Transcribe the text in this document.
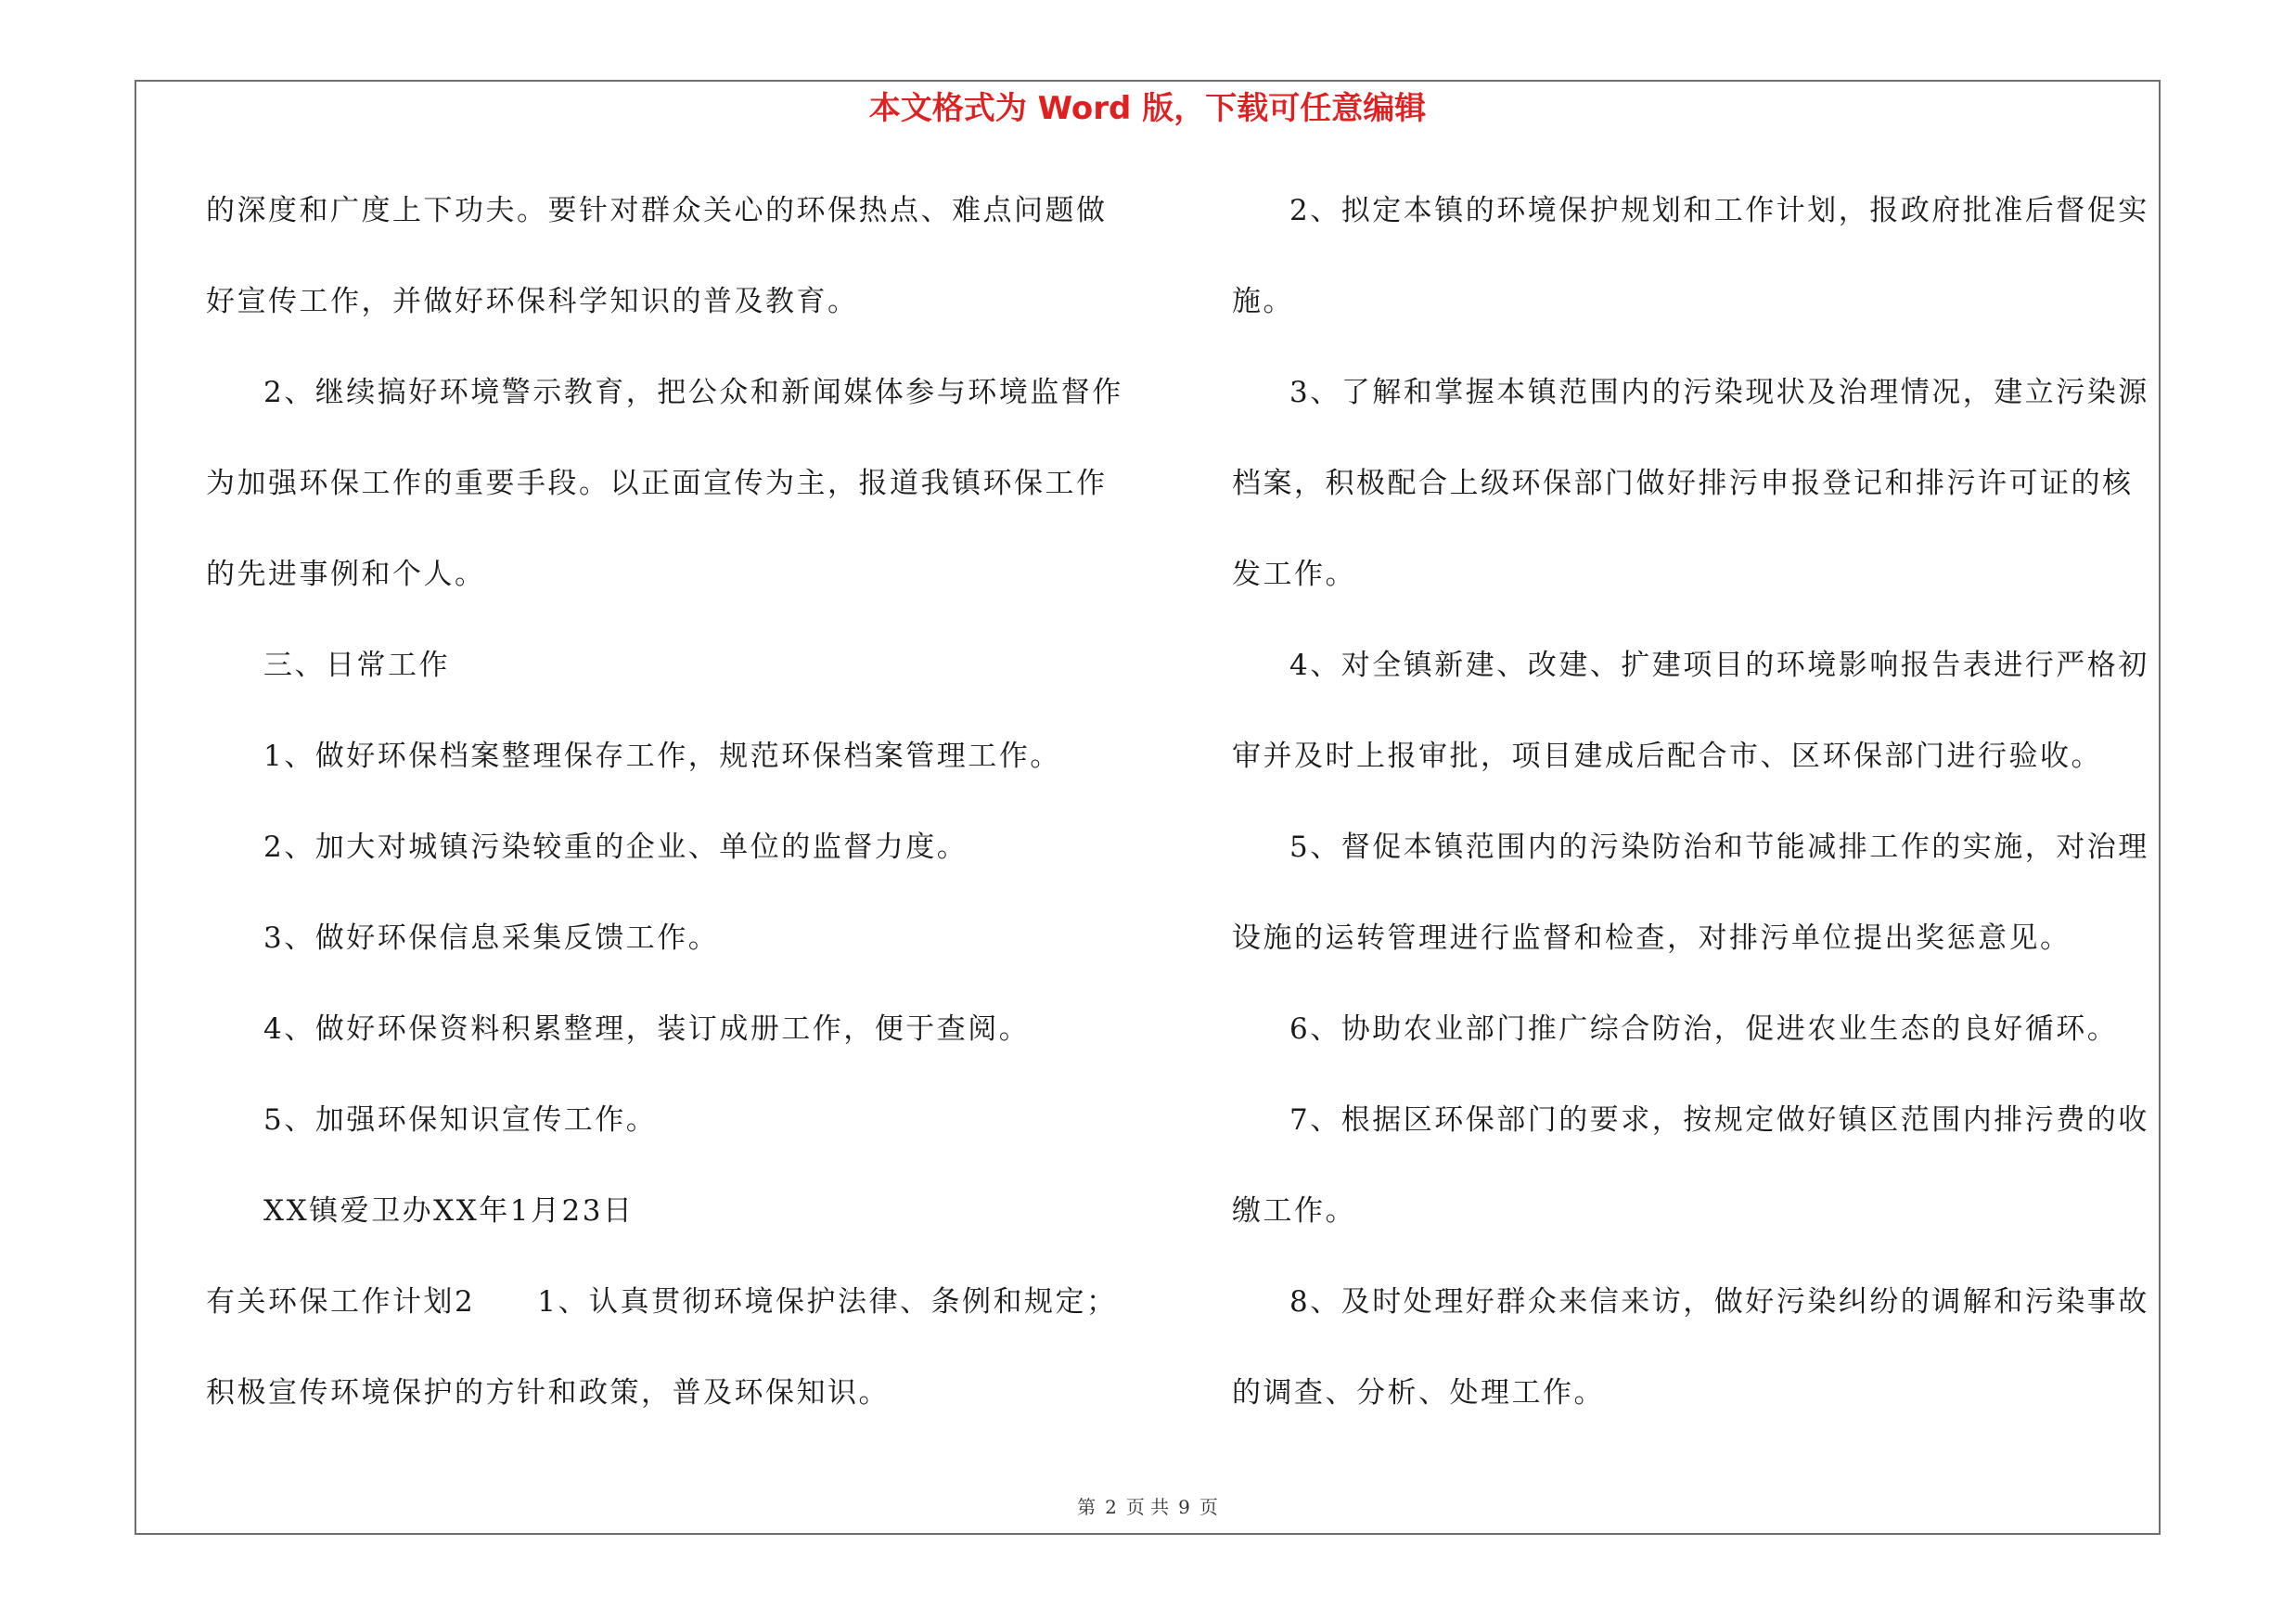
本文格式为 Word 版，下载可任意编辑

的深度和广度上下功夫。要针对群众关心的环保热点、难点问题做好宣传工作，并做好环保科学知识的普及教育。

2、继续搞好环境警示教育，把公众和新闻媒体参与环境监督作为加强环保工作的重要手段。以正面宣传为主，报道我镇环保工作的先进事例和个人。

三、日常工作

1、做好环保档案整理保存工作，规范环保档案管理工作。

2、加大对城镇污染较重的企业、单位的监督力度。

3、做好环保信息采集反馈工作。

4、做好环保资料积累整理，装订成册工作，便于查阅。

5、加强环保知识宣传工作。

XX镇爱卫办XX年1月23日

有关环保工作计划2　　1、认真贯彻环境保护法律、条例和规定；积极宣传环境保护的方针和政策，普及环保知识。

2、拟定本镇的环境保护规划和工作计划，报政府批准后督促实施。

3、了解和掌握本镇范围内的污染现状及治理情况，建立污染源档案，积极配合上级环保部门做好排污申报登记和排污许可证的核发工作。

4、对全镇新建、改建、扩建项目的环境影响报告表进行严格初审并及时上报审批，项目建成后配合市、区环保部门进行验收。

5、督促本镇范围内的污染防治和节能减排工作的实施，对治理设施的运转管理进行监督和检查，对排污单位提出奖惩意见。

6、协助农业部门推广综合防治，促进农业生态的良好循环。

7、根据区环保部门的要求，按规定做好镇区范围内排污费的收缴工作。

8、及时处理好群众来信来访，做好污染纠纷的调解和污染事故的调查、分析、处理工作。

第 2 页 共 9 页
